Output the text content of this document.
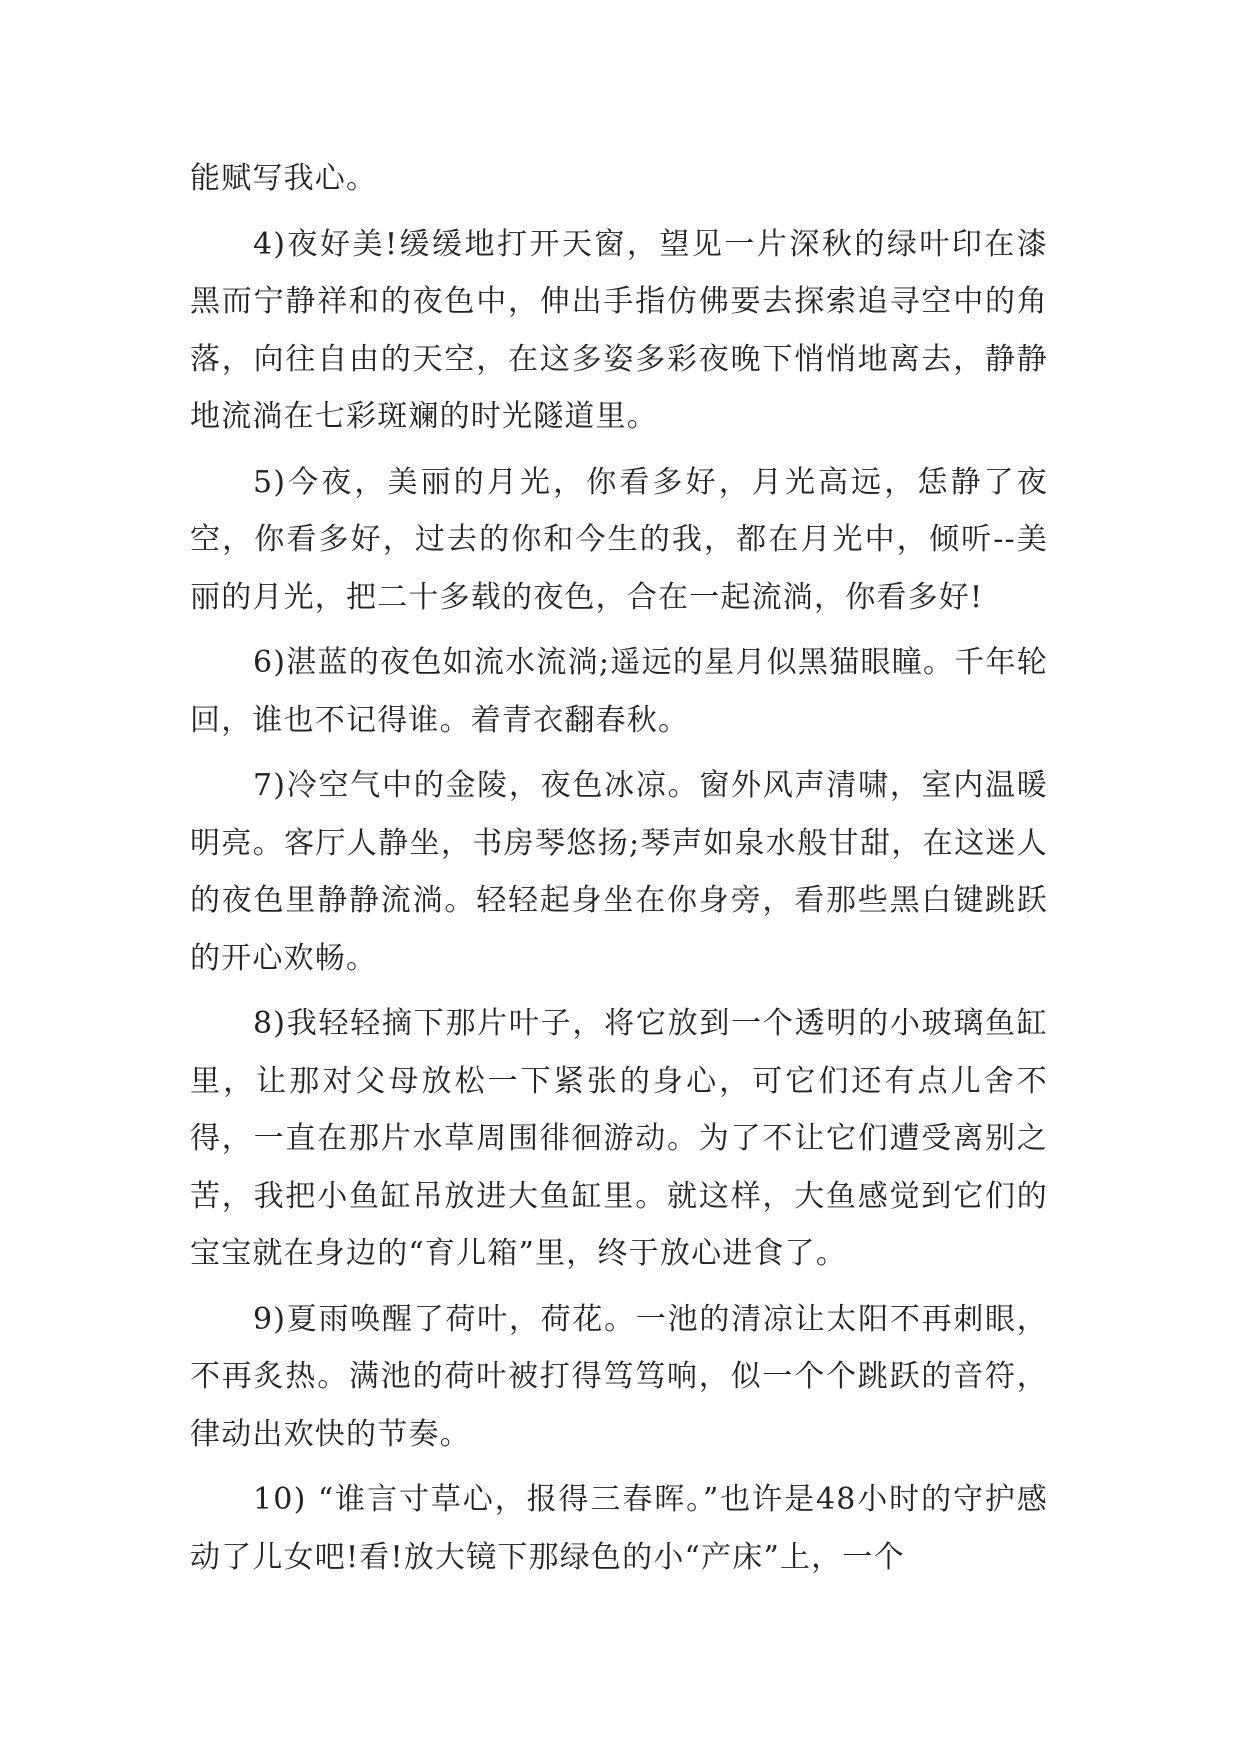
能赋写我心。

4)夜好美!缓缓地打开天窗，望见一片深秋的绿叶印在漆黑而宁静祥和的夜色中，伸出手指仿佛要去探索追寻空中的角落，向往自由的天空，在这多姿多彩夜晚下悄悄地离去，静静地流淌在七彩斑斓的时光隧道里。

5)今夜，美丽的月光，你看多好，月光高远，恁静了夜空，你看多好，过去的你和今生的我，都在月光中，倾听--美丽的月光，把二十多载的夜色，合在一起流淌，你看多好!

6)湛蓝的夜色如流水流淌;遥远的星月似黑猫眼瞳。千年轮回，谁也不记得谁。着青衣翻春秋。

7)冷空气中的金陵，夜色冰凉。窗外风声清啸，室内温暖明亮。客厅人静坐，书房琴悠扬;琴声如泉水般甘甜，在这迷人的夜色里静静流淌。轻轻起身坐在你身旁，看那些黑白键跳跃的开心欢畅。

8)我轻轻摘下那片叶子，将它放到一个透明的小玻璃鱼缸里，让那对父母放松一下紧张的身心，可它们还有点儿舍不得，一直在那片水草周围徘徊游动。为了不让它们遭受离别之苦，我把小鱼缸吊放进大鱼缸里。就这样，大鱼感觉到它们的宝宝就在身边的“育儿箱”里，终于放心进食了。

9)夏雨唤醒了荷叶，荷花。一池的清凉让太阳不再刺眼，不再炙热。满池的荷叶被打得笃笃响，似一个个跳跃的音符，律动出欢快的节奏。

10) “谁言寸草心，报得三春晖。”也许是48小时的守护感动了儿女吧!看!放大镜下那绿色的小“产床”上，一个
